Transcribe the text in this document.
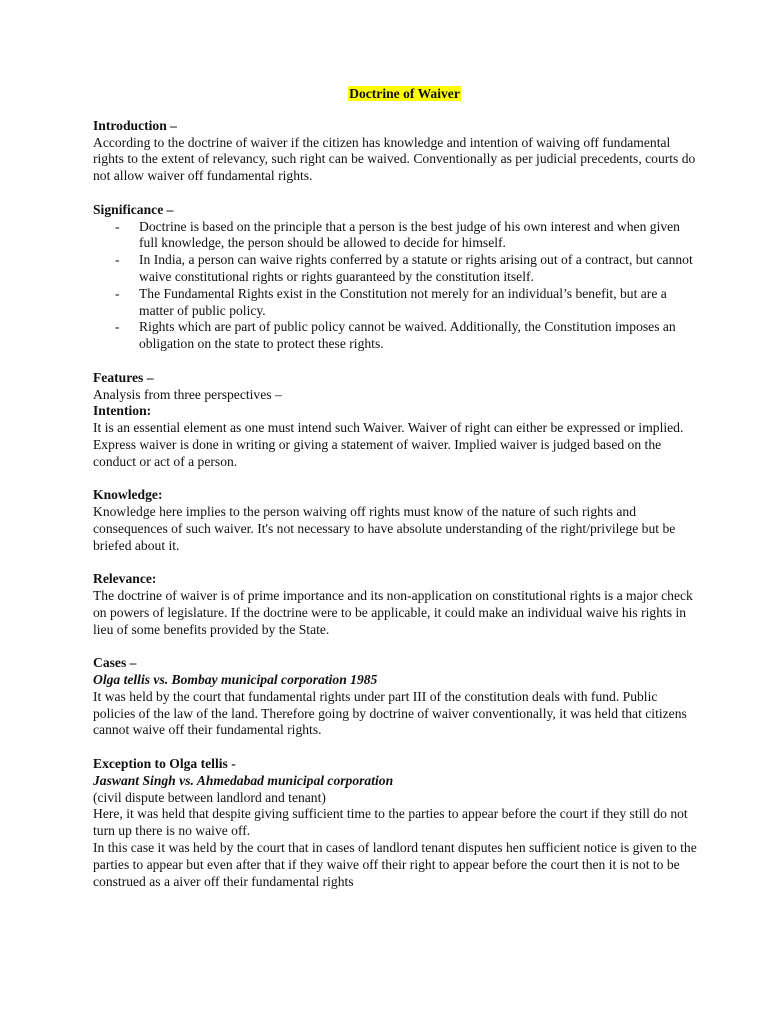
Doctrine of Waiver
Introduction –

According to the doctrine of waiver if the citizen has knowledge and intention of waiving off fundamental rights to the extent of relevancy, such right can be waived. Conventionally as per judicial precedents, courts do not allow waiver off fundamental rights.

Significance –
- Doctrine is based on the principle that a person is the best judge of his own interest and when given full knowledge, the person should be allowed to decide for himself.
- In India, a person can waive rights conferred by a statute or rights arising out of a contract, but cannot waive constitutional rights or rights guaranteed by the constitution itself.
- The Fundamental Rights exist in the Constitution not merely for an individual’s benefit, but are a matter of public policy.
- Rights which are part of public policy cannot be waived. Additionally, the Constitution imposes an obligation on the state to protect these rights.
Features –

Analysis from three perspectives –

Intention:

It is an essential element as one must intend such Waiver. Waiver of right can either be expressed or implied. Express waiver is done in writing or giving a statement of waiver. Implied waiver is judged based on the conduct or act of a person.

Knowledge:

Knowledge here implies to the person waiving off rights must know of the nature of such rights and consequences of such waiver. It's not necessary to have absolute understanding of the right/privilege but be briefed about it.

Relevance:

The doctrine of waiver is of prime importance and its non-application on constitutional rights is a major check on powers of legislature. If the doctrine were to be applicable, it could make an individual waive his rights in lieu of some benefits provided by the State.

Cases –
Olga tellis vs. Bombay municipal corporation 1985

It was held by the court that fundamental rights under part III of the constitution deals with fund. Public policies of the law of the land. Therefore going by doctrine of waiver conventionally, it was held that citizens cannot waive off their fundamental rights.

Exception to Olga tellis -
Jaswant Singh vs. Ahmedabad municipal corporation

(civil dispute between landlord and tenant)

Here, it was held that despite giving sufficient time to the parties to appear before the court if they still do not turn up there is no waive off.

In this case it was held by the court that in cases of landlord tenant disputes hen sufficient notice is given to the parties to appear but even after that if they waive off their right to appear before the court then it is not to be construed as a aiver off their fundamental rights
